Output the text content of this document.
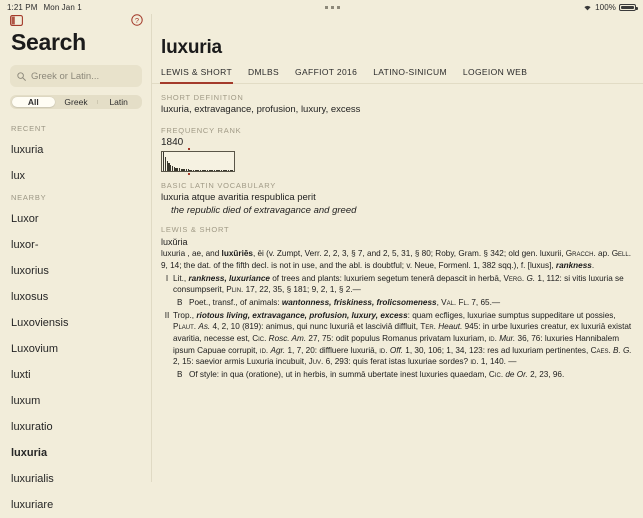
1:21 PM Mon Jan 1	100%
?
Search
Greek or Latin...
All	Greek	Latin
RECENT
luxuria
lux
NEARBY
Luxor
luxor-
luxorius
luxosus
Luxoviensis
Luxovium
luxti
luxum
luxuratio
luxuria
luxurialis
luxuriare
luxuria
LEWIS & SHORT DMLBS GAFFIOT 2016 LATINO-SINICUM LOGEION WEB
SHORT DEFINITION
luxuria, extravagance, profusion, luxury, excess
FREQUENCY RANK
1840
BASIC LATIN VOCABULARY
luxuria atque avaritia respublica perit
the republic died of extravagance and greed
LEWIS & SHORT
luxŭria

luxuria , ae, and luxŭriēs, ēi (v. Zumpt, Verr. 2, 2, 3, § 7, and 2, 5, 31, § 80; Roby, Gram. § 342; old gen. luxurii, Gracch. ap. Gell. 9, 14; the dat. of the fifth decl. is not in use, and the abl. is doubtful; v. Neue, Formenl. 1, 382 sqq.), f. [luxus], rankness.

I Lit., rankness, luxuriance of trees and plants: luxuriem segetum tenerā depascit in herbā, Verg. G. 1, 112: si vitis luxuria se consumpserit, Plin. 17, 22, 35, § 181; 9, 2, 1, § 2.—
B Poet., transf., of animals: wantonness, friskiness, frolicsomeness, Val. Fl. 7, 65.—
II Trop., riotous living, extravagance, profusion, luxury, excess: quam ecfliges, luxuriae sumptus suppeditare ut possies, Plaut. As. 4, 2, 10 (819): animus, qui nunc luxuriā et lasciviā diffluit, Ter. Heaut. 945: in urbe luxuries creatur, ex luxuriā existat avaritia, necesse est, Cic. Rosc. Am. 27, 75: odit populus Romanus privatam luxuriam, id. Mur. 36, 76: luxuries Hannibalem ipsum Capuae corrupit, id. Agr. 1, 7, 20: diffluere luxuriā, id. Off. 1, 30, 106; 1, 34, 123: res ad luxuriam pertinentes, Caes. B. G. 2, 15: saevior armis Luxuria incubuit, Juv. 6, 293: quis ferat istas luxuriae sordes? id. 1, 140. —
B Of style: in qua (oratione), ut in herbis, in summā ubertate inest luxuries quaedam, Cic. de Or. 2, 23, 96.
